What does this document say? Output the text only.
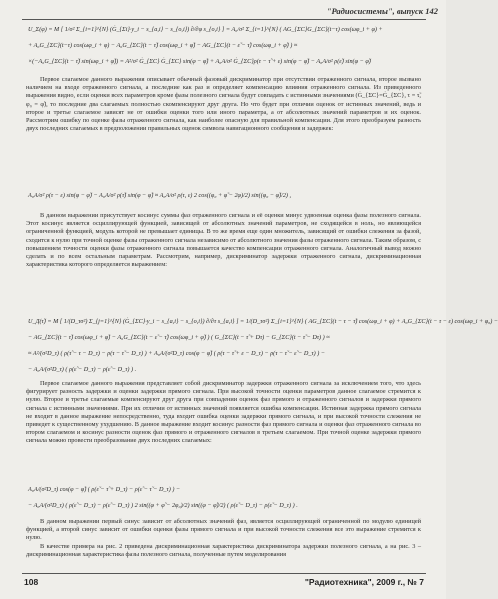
"Радиосистемы", выпуск 142
U_Σ(φ) = M [ 1/σ² Σ_{i=1}^{N} (Ġ_{Σi}·y_i − s_{a,i} − s_{o,i}) ∂/∂φ s_{o,i} ] = A₀/σ² Σ_{i=1}^{N} ( AG_{ΣC}G_{ΣC}(t−τ) cos(ωφ_i + φ) +
+ A₀G_{ΣC}(t−τ) cos(ωφ_i + φ) − A₀G_{ΣC}(t − τ̃) cos(ωφ_i + φ̃) − AG_{ΣC}(t − ε̃ − τ̃) cos(ωφ_i + φ̃) ) ≈
×(−A₀G_{ΣC}(t − τ̃) sin(ωφ_i + φ̃)) = A²/σ² Ġ_{ΣC} Ġ_{ΣC} sin(φ − φ̃) + A₀A/σ² Ġ_{ΣC}ρ(τ − τ̃ + ε) sin(φ − φ̃) − A₀A/σ² ρ(ε̃) sin(φ − φ̃)

Первое слагаемое данного выражения описывает обычный фазовый дискриминатор при отсутствии отраженного сигнала, второе вызвано наличием на входе отраженного сигнала, а последние как раз и определяет компенсацию влияния отраженного сигнала. Из приведенного выражения видно, если оценки всех параметров кроме фазы полезного сигнала будут совпадать с истинными значениями (Ġ_{ΣC}=Ġ_{ΣC}, τ = τ̃, φ₀ = φ̃), то последние два слагаемых полностью скомпенсируют друг друга. Но что будет при отличии оценок от истинных значений, ведь и второе и третье слагаемое зависят не от ошибки оценки того или иного параметра, а от абсолютных значений параметров и их оценок. Рассмотрим ошибку по оценке фазы отраженного сигнала, как наиболее опасную для правильной компенсации. Для этого преобразуем разность двух последних слагаемых в предположении правильных оценок символа навигационного сообщения и задержек:

A₀A/σ² ρ(τ − ε) sin(φ − φ̃) − A₀A/σ² ρ(τ̃) sin(φ − φ̃) ≈ A₀A/σ² ρ(τ, ε) 2 cos((φ₀ + φ̃ − 2φ)/2) sin((φ₀ − φ̃)/2) ,

В данном выражении присутствует косинус суммы фаз отраженного сигнала и её оценки минус удвоенная оценка фазы полезного сигнала. Этот косинус является осциллирующей функцией, зависящей от абсолютных значений параметров, не сходящейся в ноль, но являющейся ограниченной функцией, модуль которой не превышает единицы. В то же время еще один множитель, зависящий от ошибки слежения за фазой, сходится к нулю при точной оценке фазы отраженного сигнала независимо от абсолютного значения фазы отраженного сигнала. Таким образом, с повышением точности оценки фазы отраженного сигнала повышается качество компенсации отраженного сигнала. Аналогичный вывод можно сделать и по всем остальным параметрам. Рассмотрим, например, дискриминатор задержки отраженного сигнала, дискриминационная характеристика которого определяется выражением:

U_Д(τ̃) = M [ 1/(D_τσ²) Σ_{j=1}^{N} (Ġ_{ΣC}·y_i − s_{a,i} − s_{o,i}) ∂/∂τ s_{a,i} ] = 1/(D_τσ²) Σ_{i=1}^{N} ( AG_{ΣC}(t − τ − τ̃) cos(ωφ_i + φ) + A₀G_{ΣC}(t − τ − ε) cos(ωφ_i + φ₀) −
− AG_{ΣC}(t − τ̃) cos(ωφ_i + φ̃) − A₀G_{ΣC}(t − ε̃ − τ̃) cos(ωφ_i + φ̃) ) ( G_{ΣC}(t − τ̃ + Dτ) − G_{ΣC}(t − τ̃ − Dτ) ) ≈
≈ A²/(σ²D_τ) ( ρ(τ̃ − τ − D_τ) − ρ(τ − τ̃ − D_τ) ) + A₀A/(σ²D_τ) cos(φ − φ̃) ( ρ(τ − τ̃ + ε − D_τ) − ρ(τ − τ̃ − ε̃ − D_τ) ) −
− A₀A/(σ²D_τ) ( ρ(ε̃ − D_τ) − ρ(ε̃ − D_τ) ) .

Первое слагаемое данного выражения представляет собой дискриминатор задержки отраженного сигнала за исключением того, что здесь фигурирует разность задержки и оценки задержки прямого сигнала. При высокой точности оценки параметров данное слагаемое стремится к нулю. Второе и третье слагаемые компенсируют друг друга при совпадении оценок фаз прямого и отраженного сигналов и задержки прямого сигнала с истинными значениями. При их отличии от истинных значений появляется ошибка компенсации. Истинная задержка прямого сигнала не входит в данное выражение непосредственно, туда входит ошибка оценки задержки прямого сигнала, и при высокой точности слежения не приведет к существенному ухудшению. В данное выражение входит косинус разности фаз прямого сигнала и оценки фаз отраженного сигнала во втором слагаемом и косинус разности оценок фаз прямого и отраженного сигналов в третьем слагаемом. При точной оценке задержки прямого сигнала можно провести преобразование двух последних слагаемых:

A₀A/(σ²D_τ) cos(φ − φ̃) ( ρ(ε̃ − τ̃ + D_τ) − ρ(ε̃ − τ̃ − D_τ) ) −
− A₀A/(σ²D_τ) ( ρ(ε̃ − D_τ) − ρ(ε̃ − D_τ) ) 2 sin((φ + φ̃ − 2φ₀)/2) sin((φ − φ̃)/2) ( ρ(ε̃ − D_τ) − ρ(ε̃ − D_τ) ) .

В данном выражении первый синус зависит от абсолютных значений фаз, является осциллирующей ограниченной по модулю единицей функцией, а второй синус зависит от ошибки оценки фазы прямого сигнала и при высокой точности слежения все это выражение стремится к нулю.

В качестве примера на рис. 2 приведена дискриминационная характеристика дискриминатора задержки полезного сигнала, а на рис. 3 – дискриминационная характеристика фазы полезного сигнала, полученные путем моделирования

108	"Радиотехника", 2009 г., № 7
